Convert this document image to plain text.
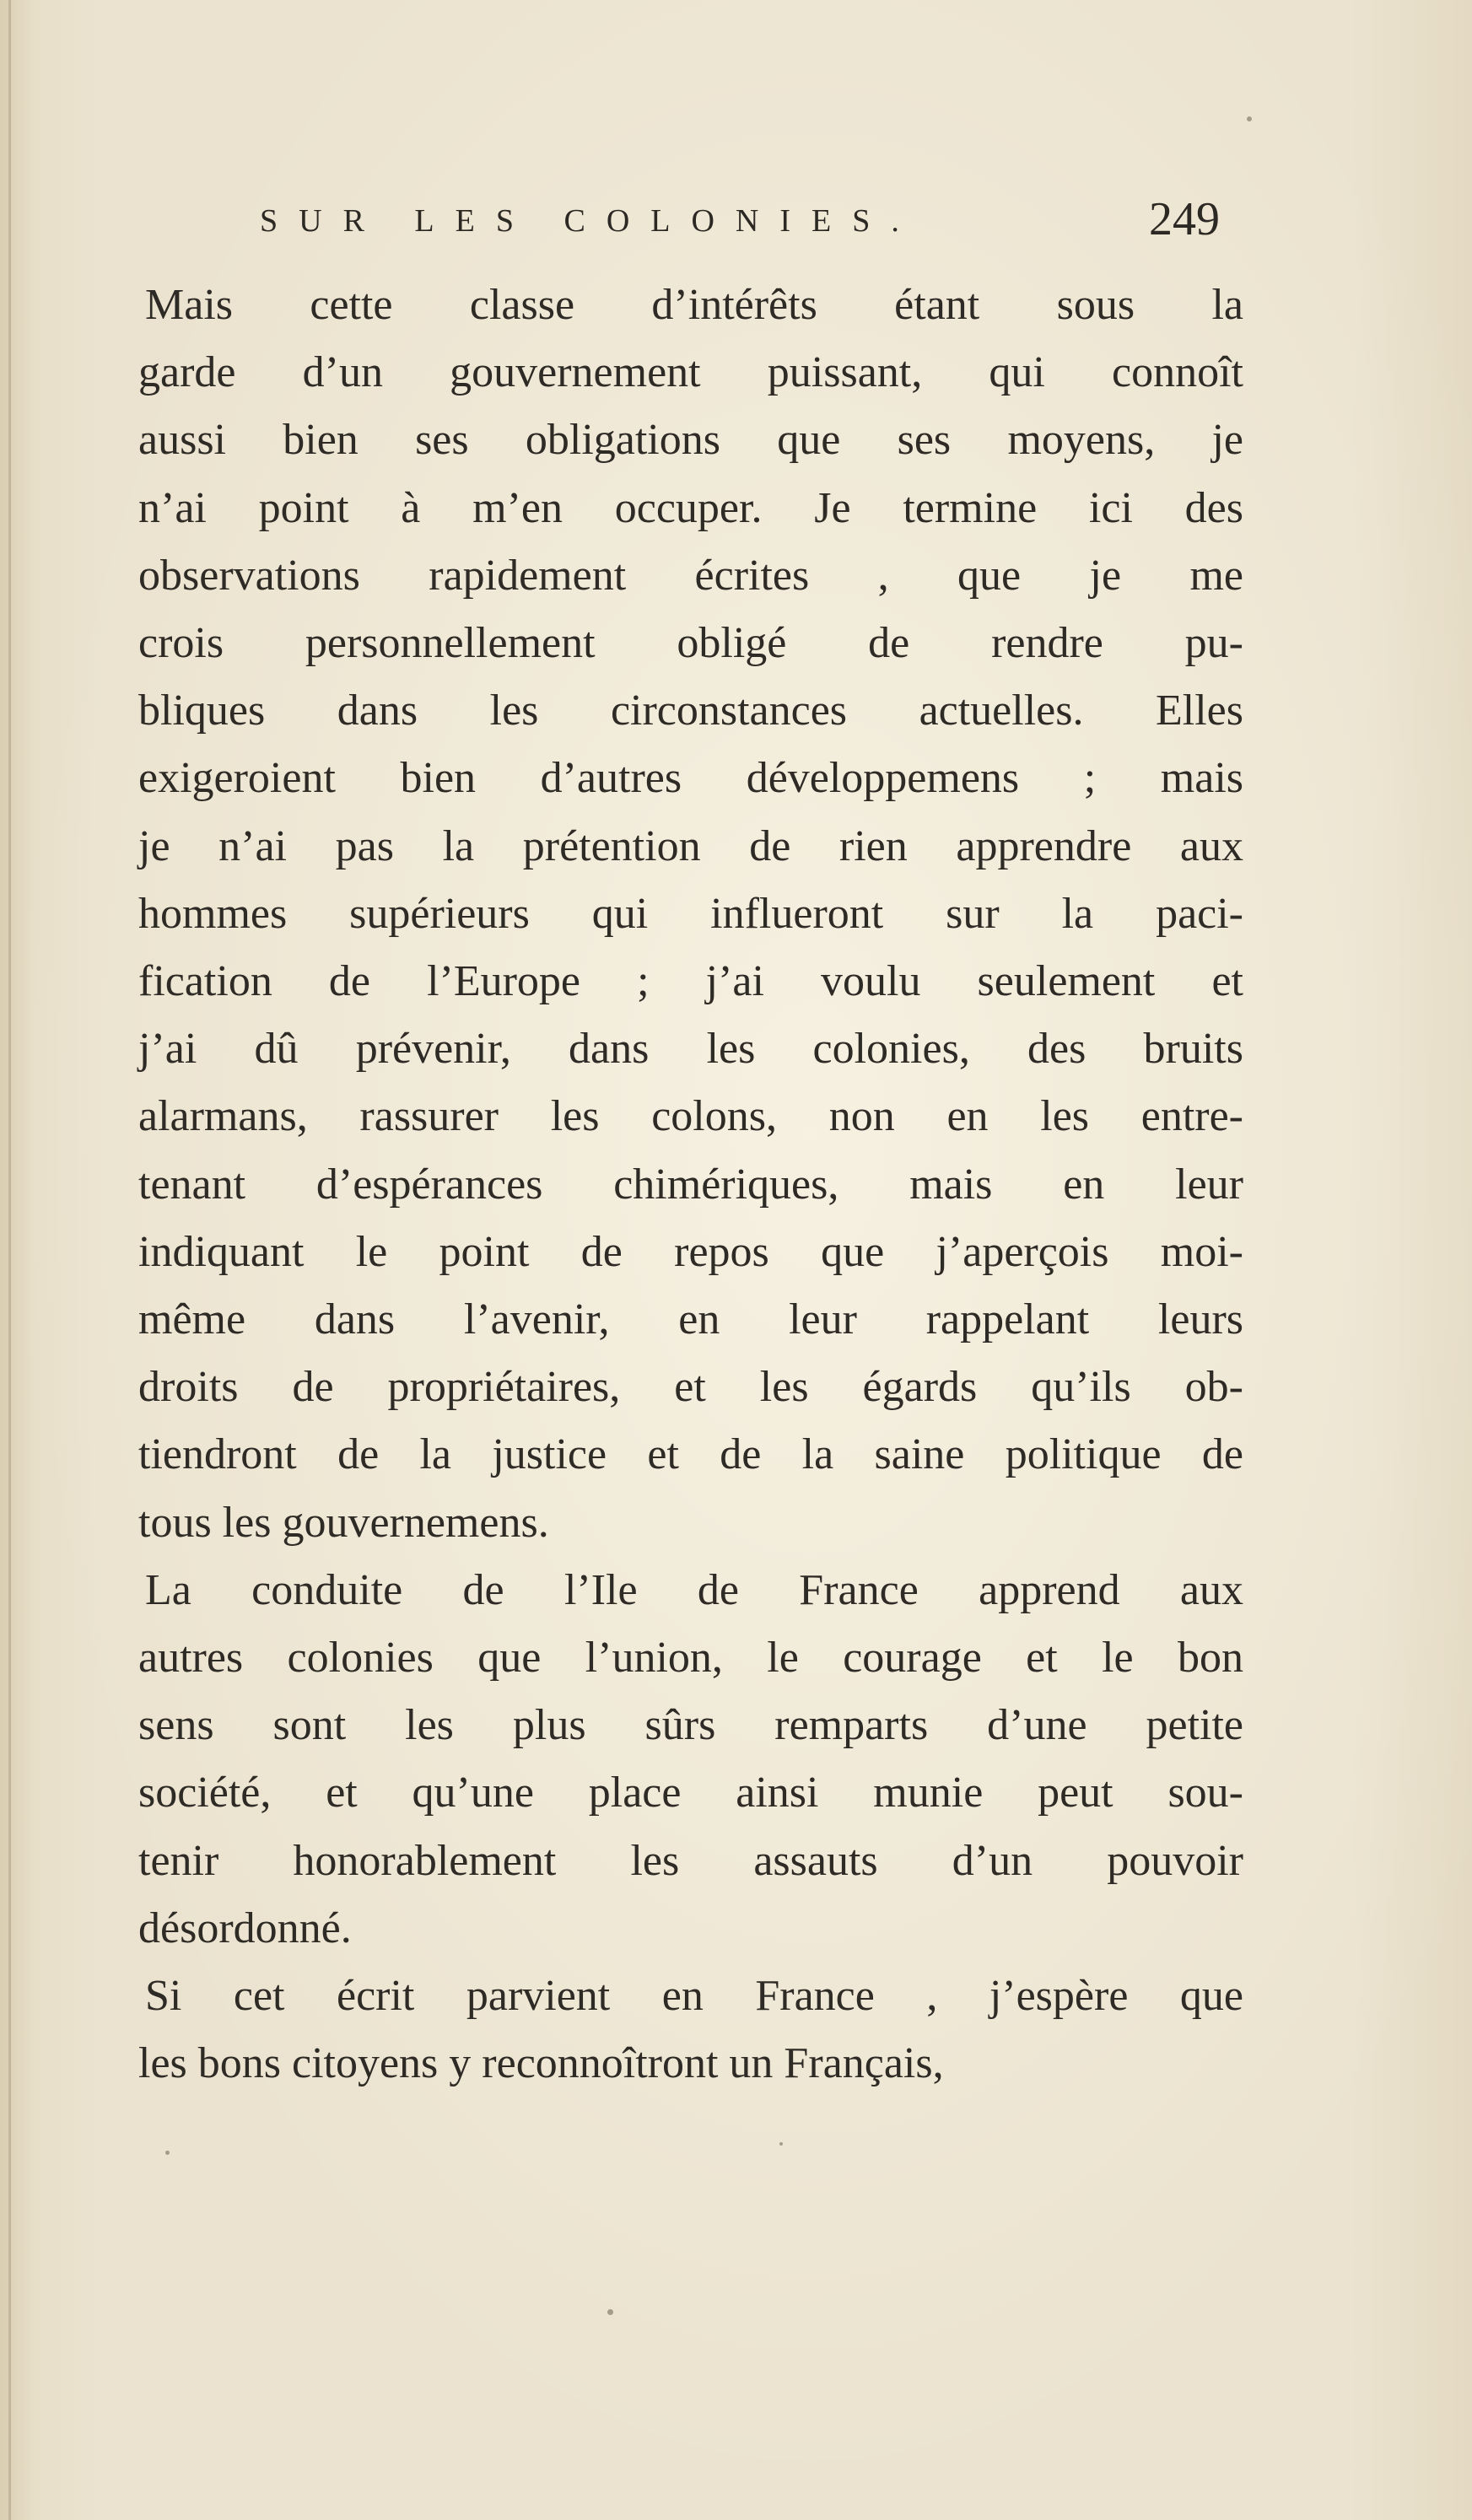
SUR LES COLONIES.	249

Mais cette classe d’intérêts étant sous la
garde d’un gouvernement puissant, qui connoît
aussi bien ses obligations que ses moyens, je
n’ai point à m’en occuper. Je termine ici des
observations rapidement écrites , que je me
crois personnellement obligé de rendre pu-
bliques dans les circonstances actuelles. Elles
exigeroient bien d’autres développemens ; mais
je n’ai pas la prétention de rien apprendre aux
hommes supérieurs qui influeront sur la paci-
fication de l’Europe ; j’ai voulu seulement et
j’ai dû prévenir, dans les colonies, des bruits
alarmans, rassurer les colons, non en les entre-
tenant d’espérances chimériques, mais en leur
indiquant le point de repos que j’aperçois moi-
même dans l’avenir, en leur rappelant leurs
droits de propriétaires, et les égards qu’ils ob-
tiendront de la justice et de la saine politique de
tous les gouvernemens.

La conduite de l’Ile de France apprend aux
autres colonies que l’union, le courage et le bon
sens sont les plus sûrs remparts d’une petite
société, et qu’une place ainsi munie peut sou-
tenir honorablement les assauts d’un pouvoir
désordonné.

Si cet écrit parvient en France , j’espère que
les bons citoyens y reconnoîtront un Français,
